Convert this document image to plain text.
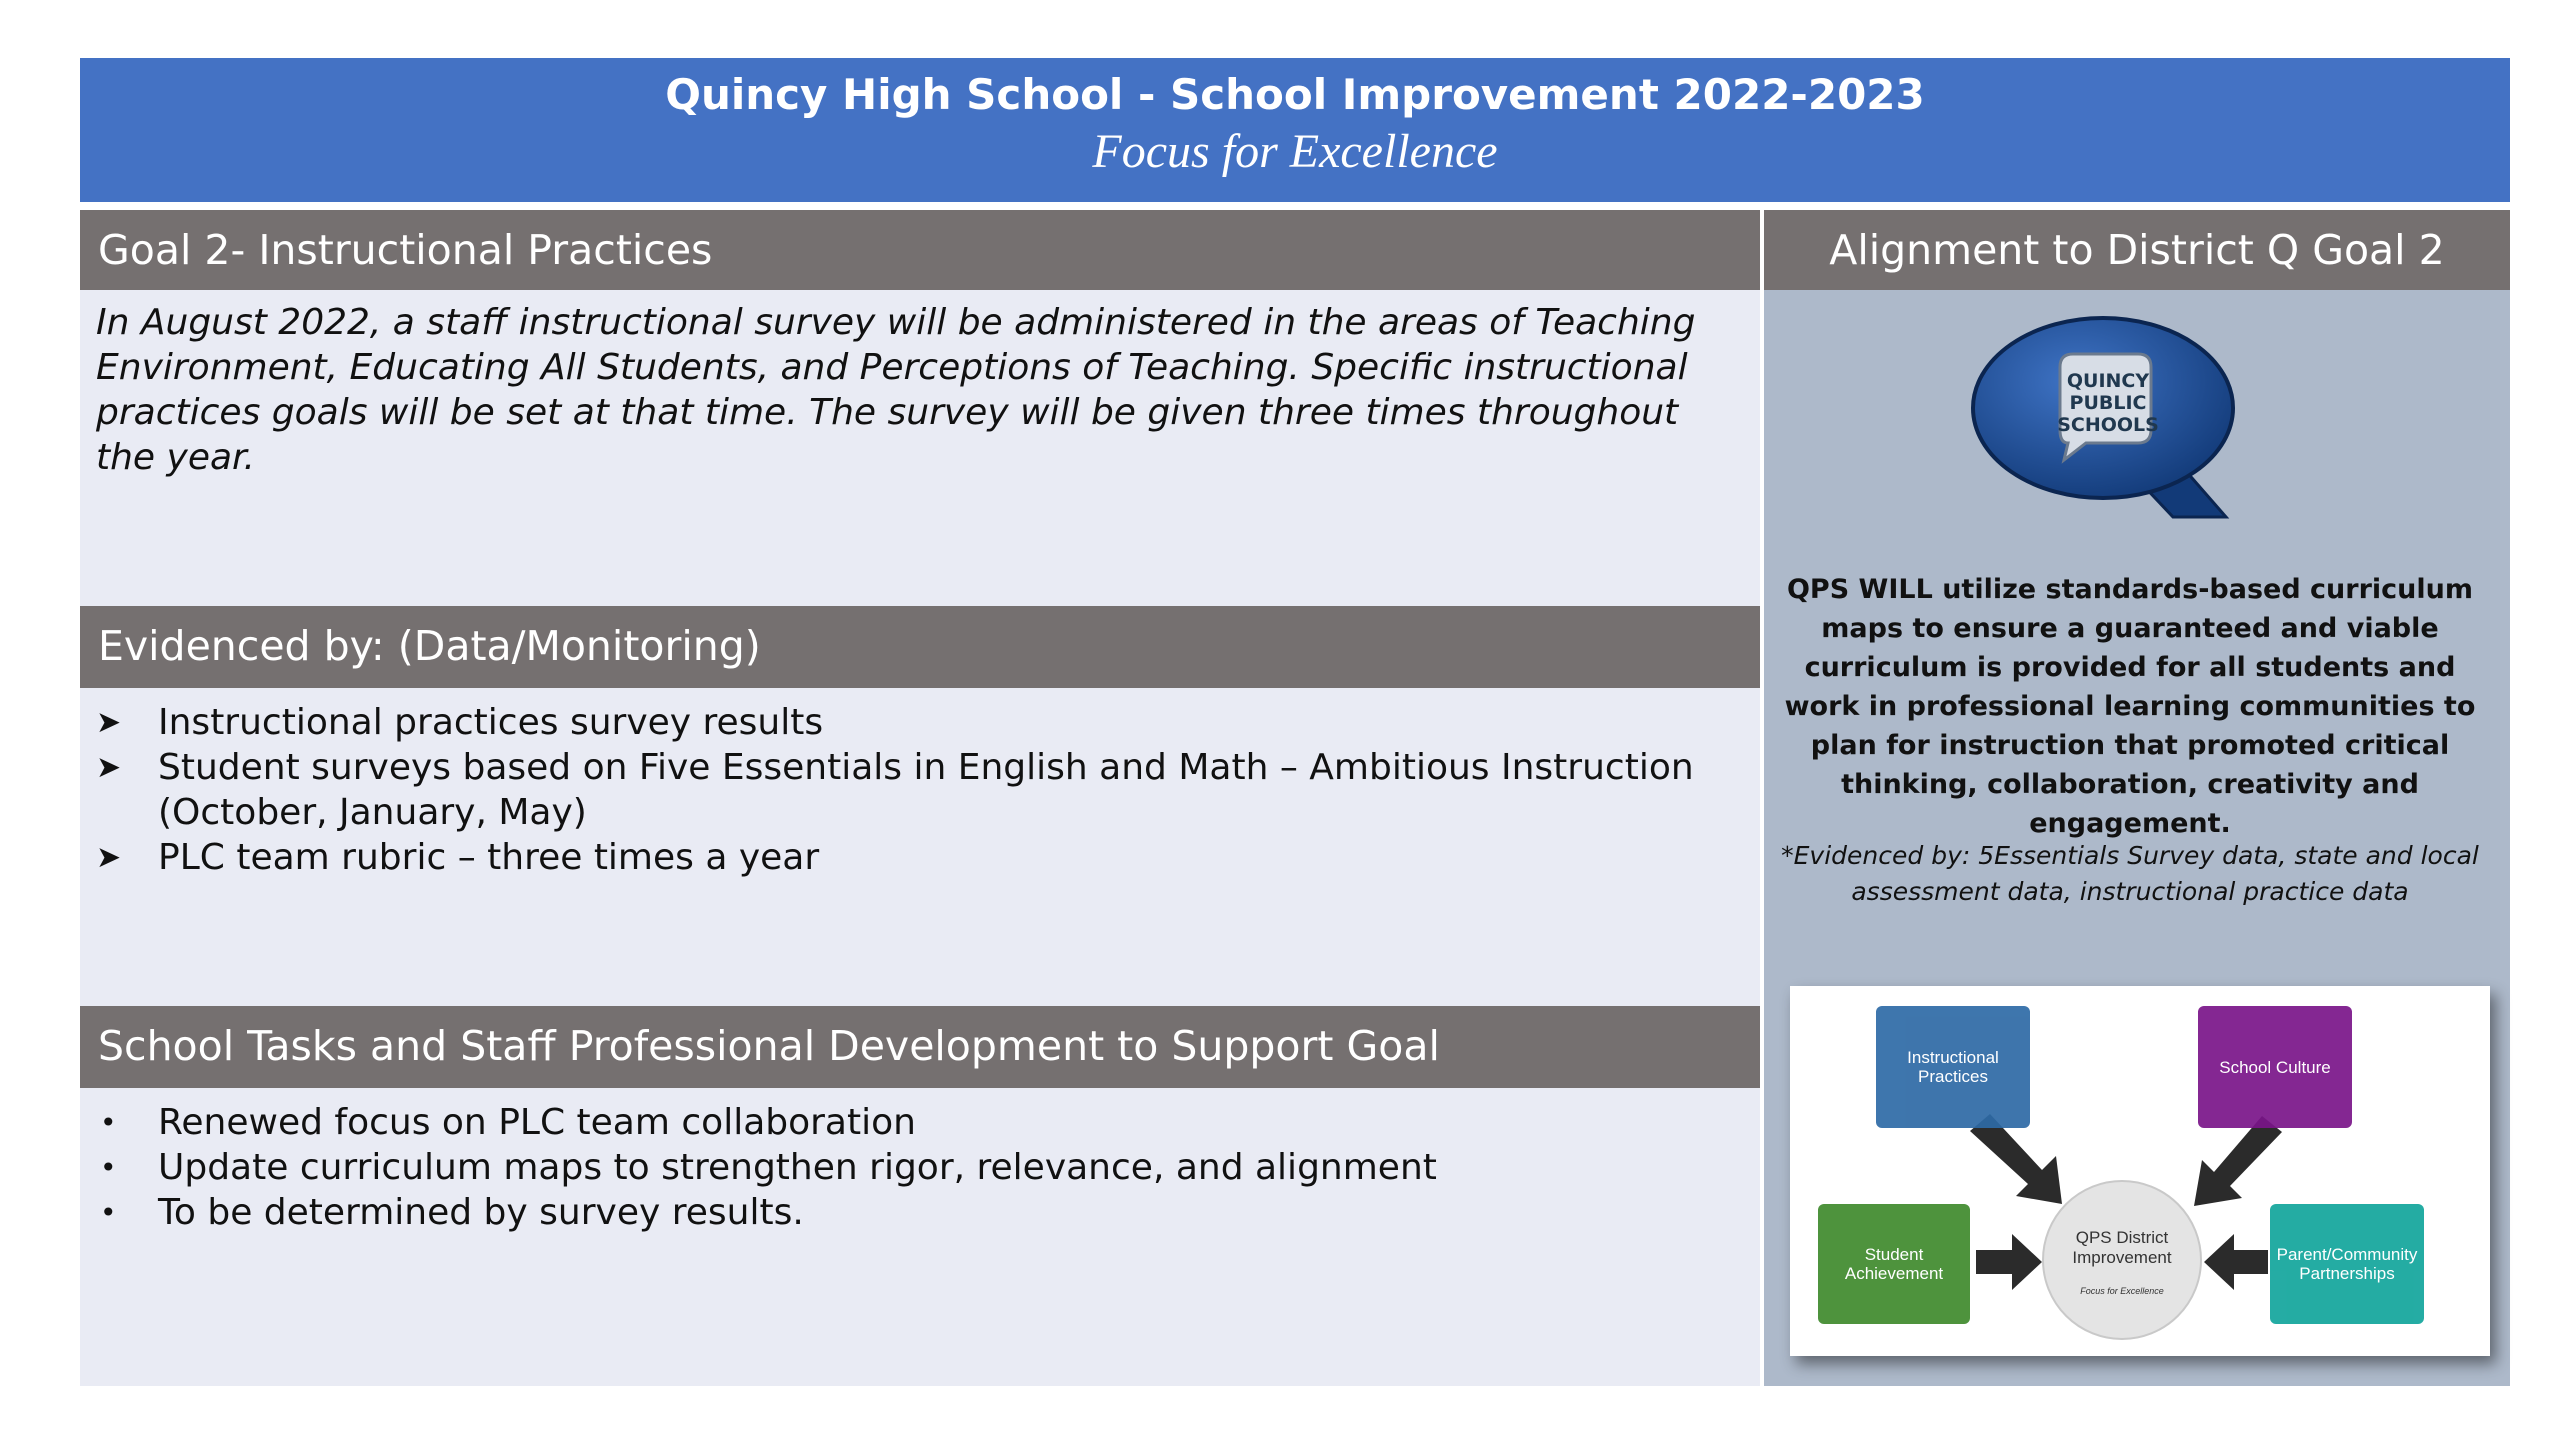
Quincy High School - School Improvement 2022-2023
Focus for Excellence
Goal 2- Instructional Practices	Alignment to District Q Goal 2
Evidenced by: (Data/Monitoring)
School Tasks and Staff Professional Development to Support Goal
In August 2022, a staff instructional survey will be administered in the areas of Teaching Environment, Educating All Students, and Perceptions of Teaching. Specific instructional practices goals will be set at that time. The survey will be given three times throughout the year.
➤	Instructional practices survey results
➤	Student surveys based on Five Essentials in English and Math – Ambitious Instruction (October, January, May)
➤	PLC team rubric – three times a year
•	Renewed focus on PLC team collaboration
•	Update curriculum maps to strengthen rigor, relevance, and alignment
•	To be determined by survey results.
QUINCY
PUBLIC
SCHOOLS
QPS WILL utilize standards-based curriculum maps to ensure a guaranteed and viable curriculum is provided for all students and work in professional learning communities to plan for instruction that promoted critical thinking, collaboration, creativity and engagement.
*Evidenced by: 5Essentials Survey data, state and local assessment data, instructional practice data
Instructional Practices	School Culture
Student Achievement
Parent/Community Partnerships
QPS District Improvement
Focus for Excellence
